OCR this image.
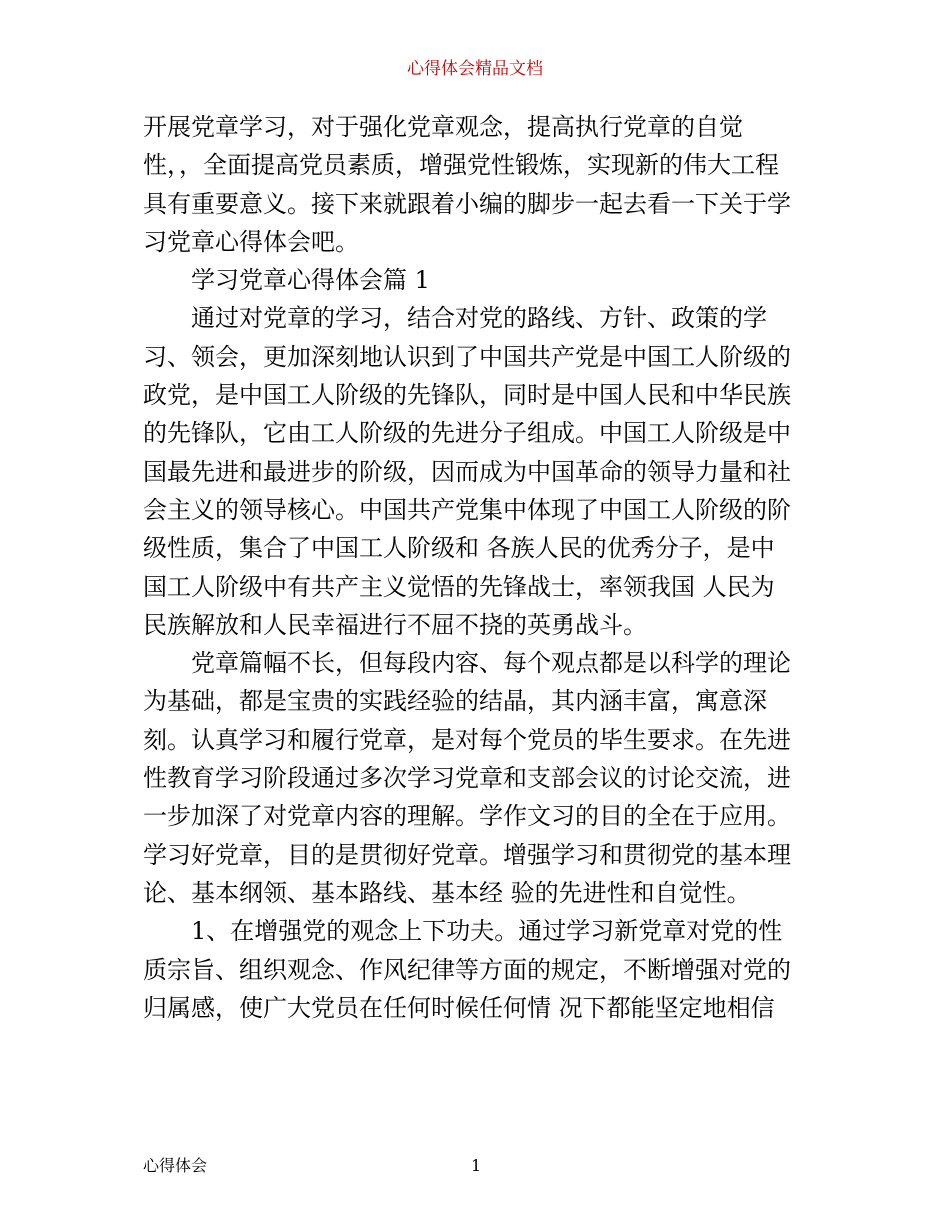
心得体会精品文档
开展党章学习，对于强化党章观念，提高执行党章的自觉
性，，全面提高党员素质，增强党性锻炼，实现新的伟大工程
具有重要意义。接下来就跟着小编的脚步一起去看一下关于学
习党章心得体会吧。
学习党章心得体会篇 1
通过对党章的学习，结合对党的路线、方针、政策的学
习、领会，更加深刻地认识到了中国共产党是中国工人阶级的
政党，是中国工人阶级的先锋队，同时是中国人民和中华民族
的先锋队，它由工人阶级的先进分子组成。中国工人阶级是中
国最先进和最进步的阶级，因而成为中国革命的领导力量和社
会主义的领导核心。中国共产党集中体现了中国工人阶级的阶
级性质，集合了中国工人阶级和 各族人民的优秀分子，是中
国工人阶级中有共产主义觉悟的先锋战士，率领我国 人民为
民族解放和人民幸福进行不屈不挠的英勇战斗。
党章篇幅不长，但每段内容、每个观点都是以科学的理论
为基础，都是宝贵的实践经验的结晶，其内涵丰富，寓意深
刻。认真学习和履行党章，是对每个党员的毕生要求。在先进
性教育学习阶段通过多次学习党章和支部会议的讨论交流，进
一步加深了对党章内容的理解。学作文习的目的全在于应用。
学习好党章，目的是贯彻好党章。增强学习和贯彻党的基本理
论、基本纲领、基本路线、基本经 验的先进性和自觉性。
1、在增强党的观念上下功夫。通过学习新党章对党的性
质宗旨、组织观念、作风纪律等方面的规定，不断增强对党的
归属感，使广大党员在任何时候任何情 况下都能坚定地相信
心得体会	1
